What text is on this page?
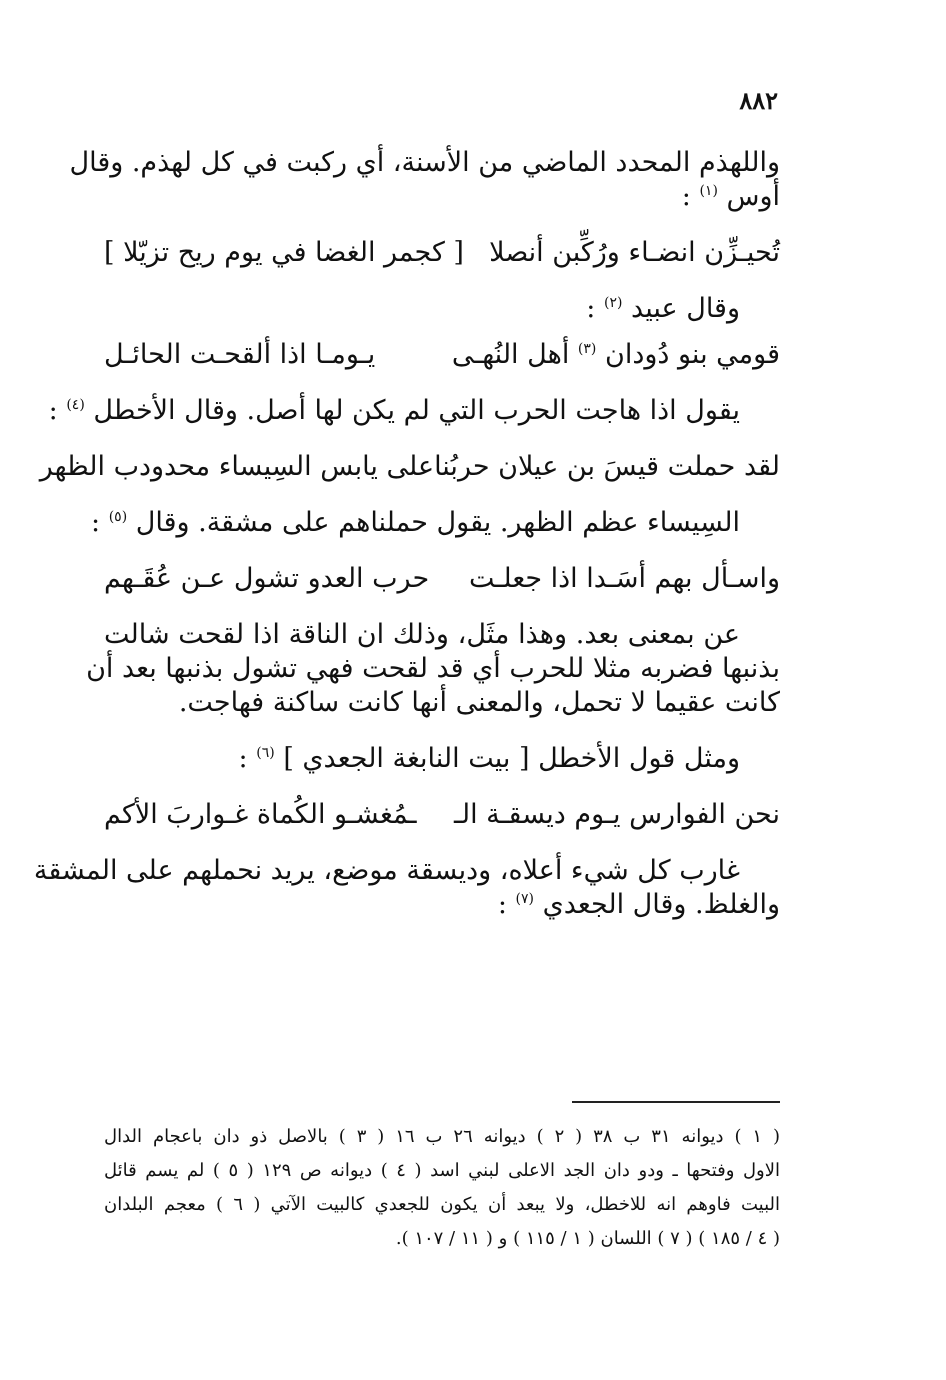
٨٨٢
واللهذم المحدد الماضي من الأسنة، أي ركبت في كل لهذم. وقال
أوس $^{(١)}$ :
تُحيـزِّن انضـاء ورُكِّبن أنصلا
[ كجمر الغضا في يوم ريح تزيّلا ]
وقال عبيد $^{(٢)}$ :
قومي بنو دُودان $^{(٣)}$ أهل النُهـى
يـومـا اذا ألقحـت الحائـل
يقول اذا هاجت الحرب التي لم يكن لها أصل. وقال الأخطل $^{(٤)}$ :
لقد حملت قيسَ بن عيلان حربُنا
على يابس السِيساء محدودب الظهر
السِيساء عظم الظهر. يقول حملناهم على مشقة. وقال $^{(٥)}$ :
واسـأل بهم أسَـدا اذا جعلـت
حرب العدو تشول عـن عُقَـهم
عن بمعنى بعد. وهذا مثَل، وذلك ان الناقة اذا لقحت شالت
بذنبها فضربه مثلا للحرب أي قد لقحت فهي تشول بذنبها بعد أن
كانت عقيما لا تحمل، والمعنى أنها كانت ساكنة فهاجت.
ومثل قول الأخطل [ بيت النابغة الجعدي ] $^{(٦)}$ :
نحن الفوارس يـوم ديسقـة الـ
ـمُغشـو الكُماة غـواربَ الأكم
غارب كل شيء أعلاه، وديسقة موضع، يريد نحملهم على المشقة
والغلظ. وقال الجعدي $^{(٧)}$ :
( ١ ) ديوانه ٣١ ب ٣٨ ( ٢ ) ديوانه ٢٦ ب ١٦ ( ٣ ) بالاصل ذو دان باعجام الدال
الاول وفتحها ـ ودو دان الجد الاعلى لبني اسد ( ٤ ) ديوانه ص ١٢٩ ( ٥ ) لم يسم قائل
البيت فاوهم انه للاخطل، ولا يبعد أن يكون للجعدي كالبيت الآتي ( ٦ ) معجم البلدان
( ٤ / ١٨٥ ) ( ٧ ) اللسان ( ١ / ١١٥ ) و ( ١١ / ١٠٧ ).
